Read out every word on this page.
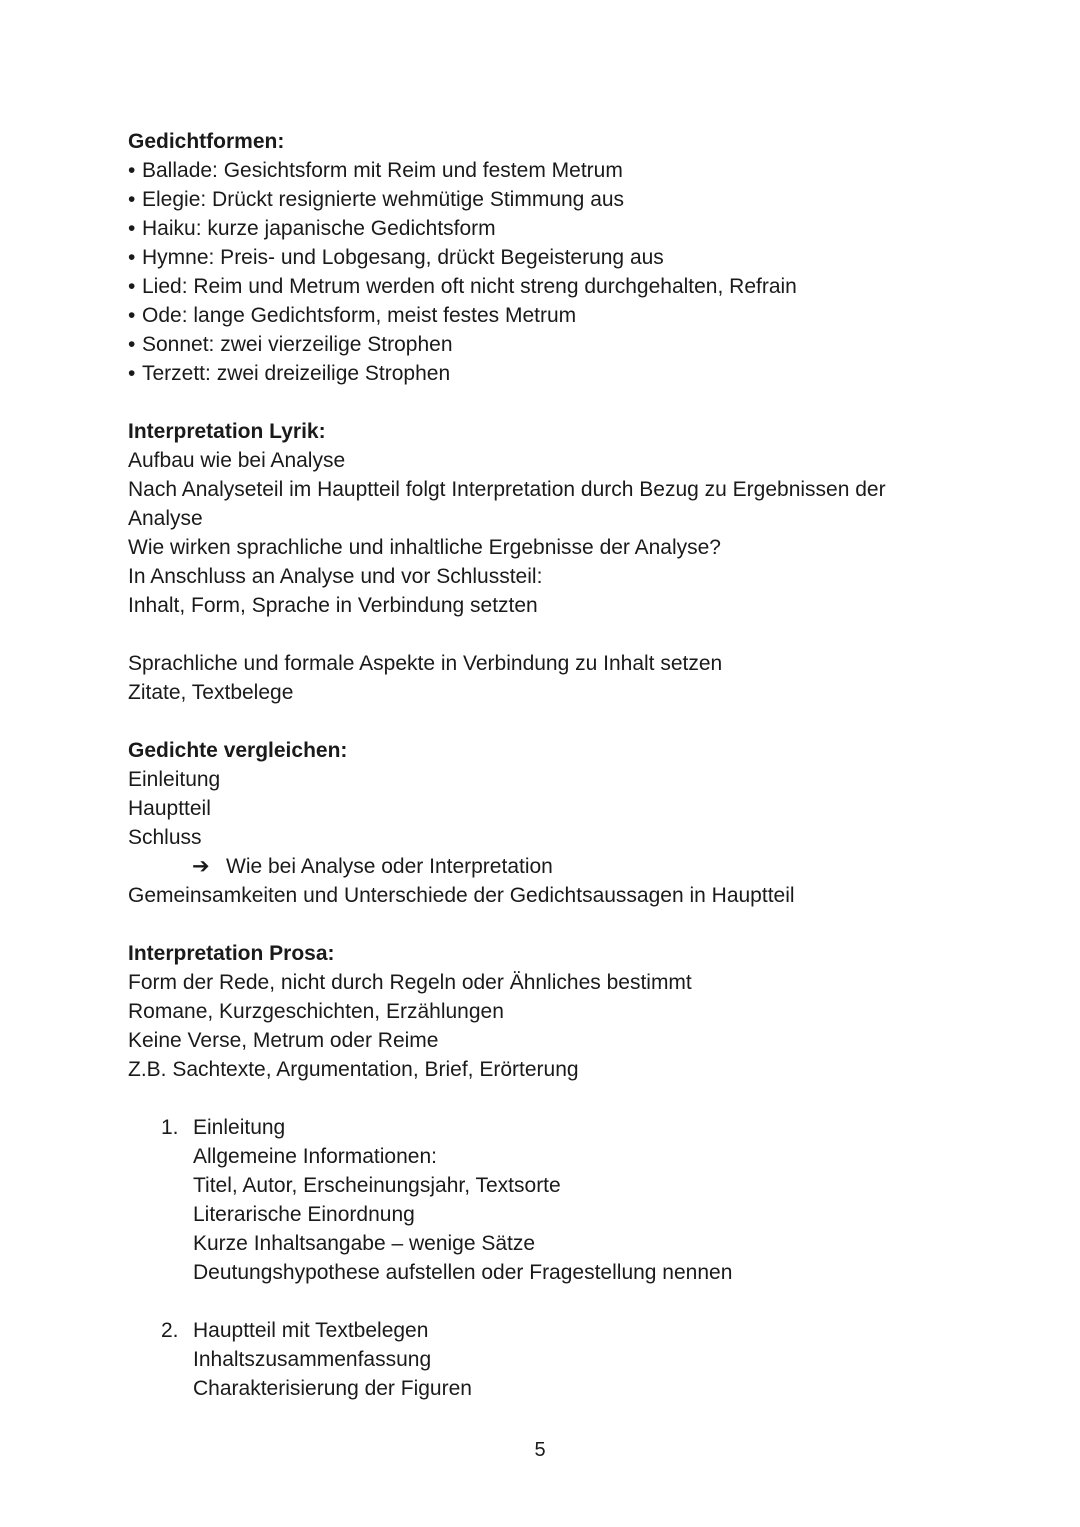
Gedichtformen:
• Ballade: Gesichtsform mit Reim und festem Metrum
• Elegie: Drückt resignierte wehmütige Stimmung aus
• Haiku: kurze japanische Gedichtsform
• Hymne: Preis- und Lobgesang, drückt Begeisterung aus
• Lied: Reim und Metrum werden oft nicht streng durchgehalten, Refrain
• Ode: lange Gedichtsform, meist festes Metrum
• Sonnet: zwei vierzeilige Strophen
• Terzett: zwei dreizeilige Strophen
Interpretation Lyrik:
Aufbau wie bei Analyse
Nach Analyseteil im Hauptteil folgt Interpretation durch Bezug zu Ergebnissen der
Analyse
Wie wirken sprachliche und inhaltliche Ergebnisse der Analyse?
In Anschluss an Analyse und vor Schlussteil:
Inhalt, Form, Sprache in Verbindung setzten
Sprachliche und formale Aspekte in Verbindung zu Inhalt setzen
Zitate, Textbelege
Gedichte vergleichen:
Einleitung
Hauptteil
Schluss
➔ Wie bei Analyse oder Interpretation
Gemeinsamkeiten und Unterschiede der Gedichtsaussagen in Hauptteil
Interpretation Prosa:
Form der Rede, nicht durch Regeln oder Ähnliches bestimmt
Romane, Kurzgeschichten, Erzählungen
Keine Verse, Metrum oder Reime
Z.B. Sachtexte, Argumentation, Brief, Erörterung
1. Einleitung
Allgemeine Informationen:
Titel, Autor, Erscheinungsjahr, Textsorte
Literarische Einordnung
Kurze Inhaltsangabe – wenige Sätze
Deutungshypothese aufstellen oder Fragestellung nennen
2. Hauptteil mit Textbelegen
Inhaltszusammenfassung
Charakterisierung der Figuren
5
